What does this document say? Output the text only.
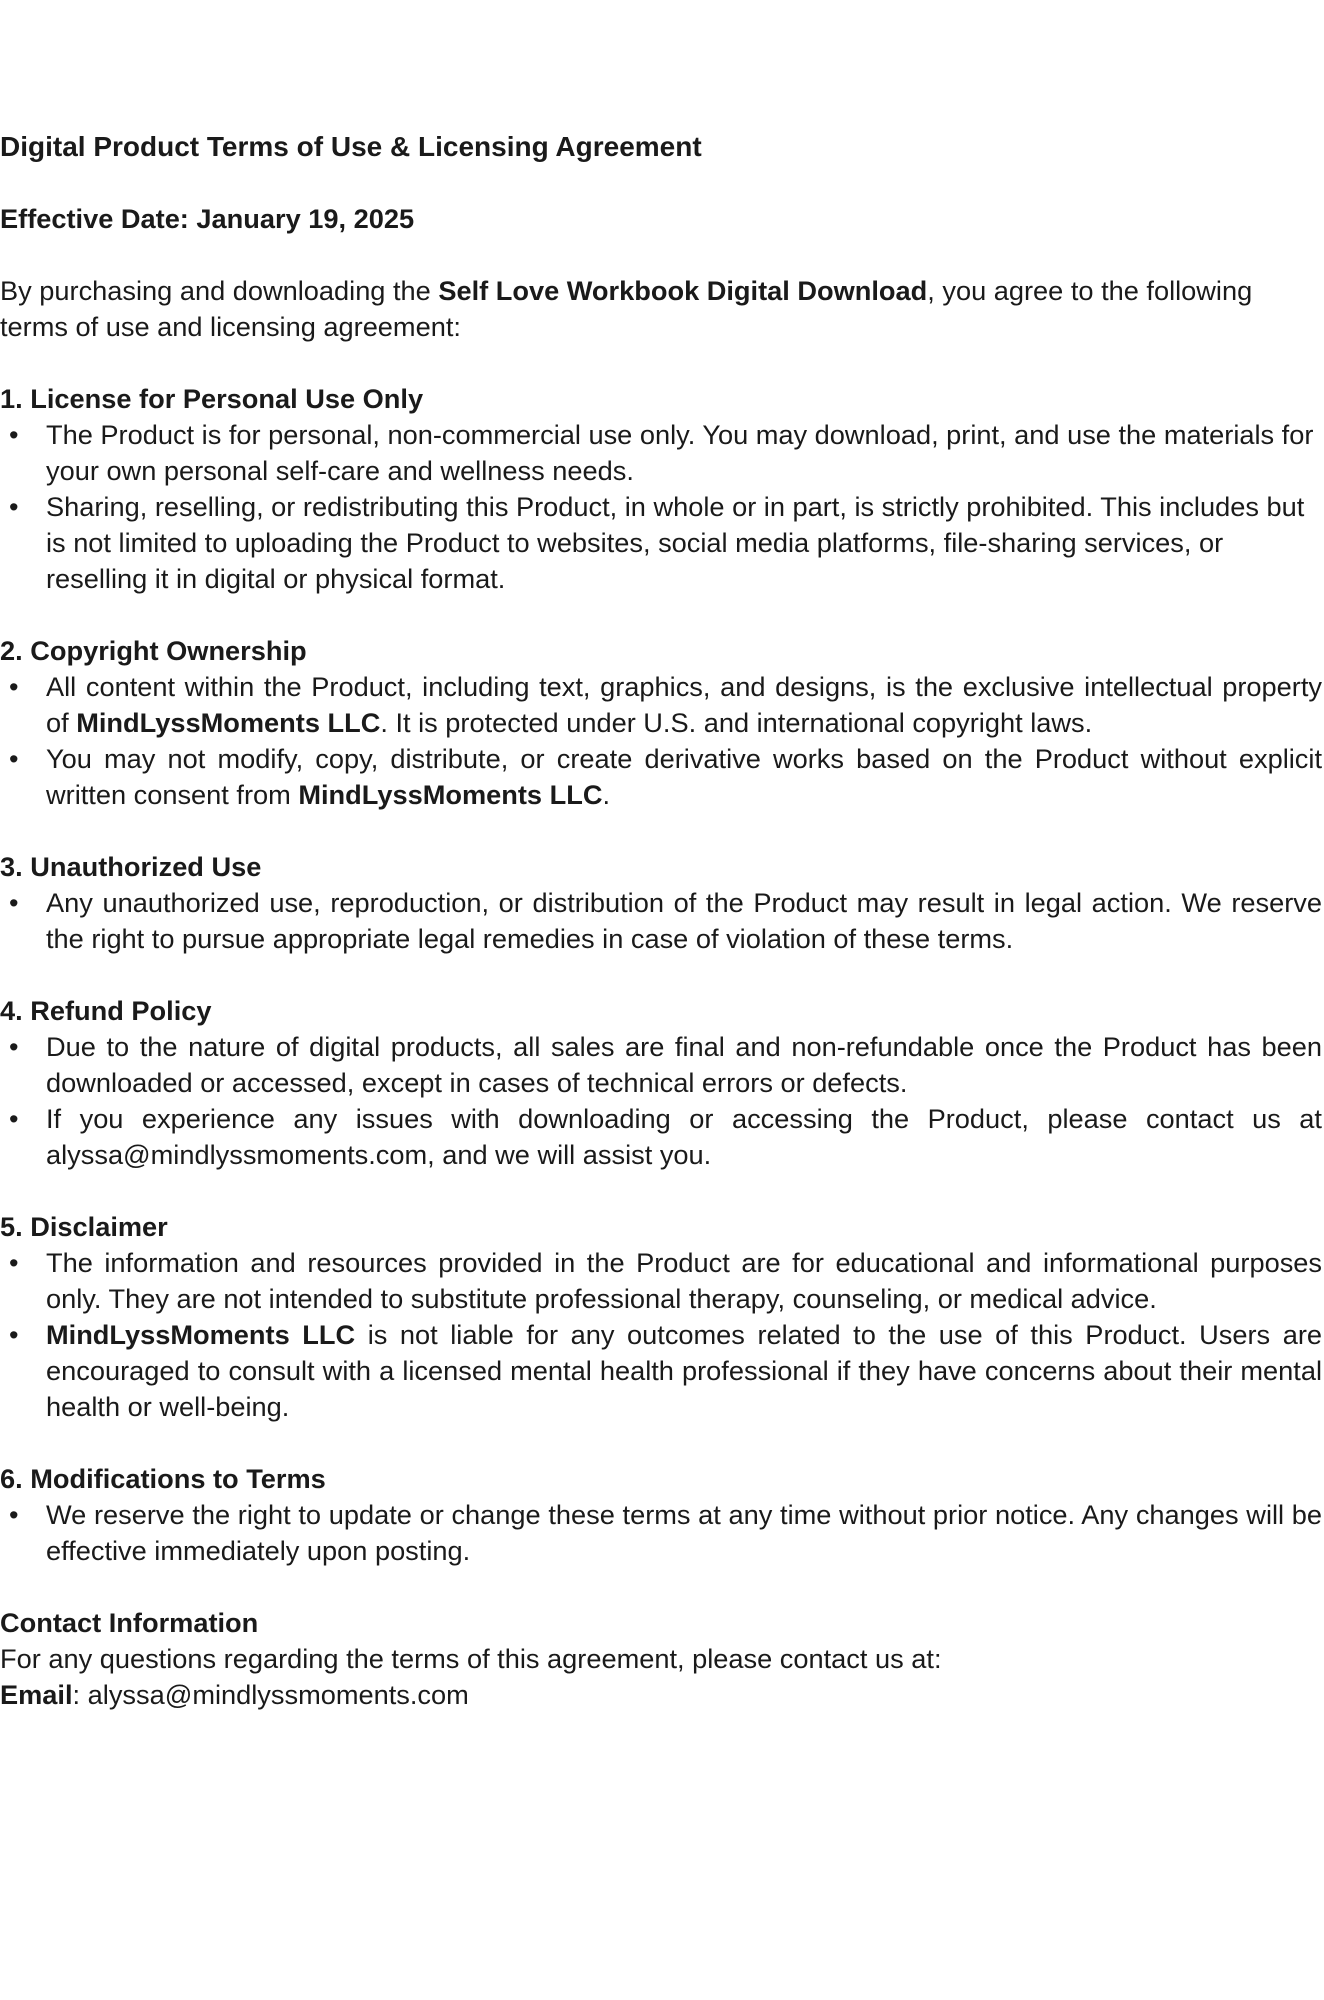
Digital Product Terms of Use & Licensing Agreement

Effective Date: January 19, 2025

By purchasing and downloading the Self Love Workbook Digital Download, you agree to the following terms of use and licensing agreement:

1. License for Personal Use Only

• The Product is for personal, non-commercial use only. You may download, print, and use the materials for your own personal self-care and wellness needs.
• Sharing, reselling, or redistributing this Product, in whole or in part, is strictly prohibited. This includes but is not limited to uploading the Product to websites, social media platforms, file-sharing services, or reselling it in digital or physical format.

2. Copyright Ownership

• All content within the Product, including text, graphics, and designs, is the exclusive intellectual property of MindLyssMoments LLC. It is protected under U.S. and international copyright laws.
• You may not modify, copy, distribute, or create derivative works based on the Product without explicit written consent from MindLyssMoments LLC.

3. Unauthorized Use

• Any unauthorized use, reproduction, or distribution of the Product may result in legal action. We reserve the right to pursue appropriate legal remedies in case of violation of these terms.

4. Refund Policy

• Due to the nature of digital products, all sales are final and non-refundable once the Product has been downloaded or accessed, except in cases of technical errors or defects.
• If you experience any issues with downloading or accessing the Product, please contact us at alyssa@mindlyssmoments.com, and we will assist you.

5. Disclaimer

• The information and resources provided in the Product are for educational and informational purposes only. They are not intended to substitute professional therapy, counseling, or medical advice.
• MindLyssMoments LLC is not liable for any outcomes related to the use of this Product. Users are encouraged to consult with a licensed mental health professional if they have concerns about their mental health or well-being.

6. Modifications to Terms

• We reserve the right to update or change these terms at any time without prior notice. Any changes will be effective immediately upon posting.

Contact Information

For any questions regarding the terms of this agreement, please contact us at:

Email: alyssa@mindlyssmoments.com
